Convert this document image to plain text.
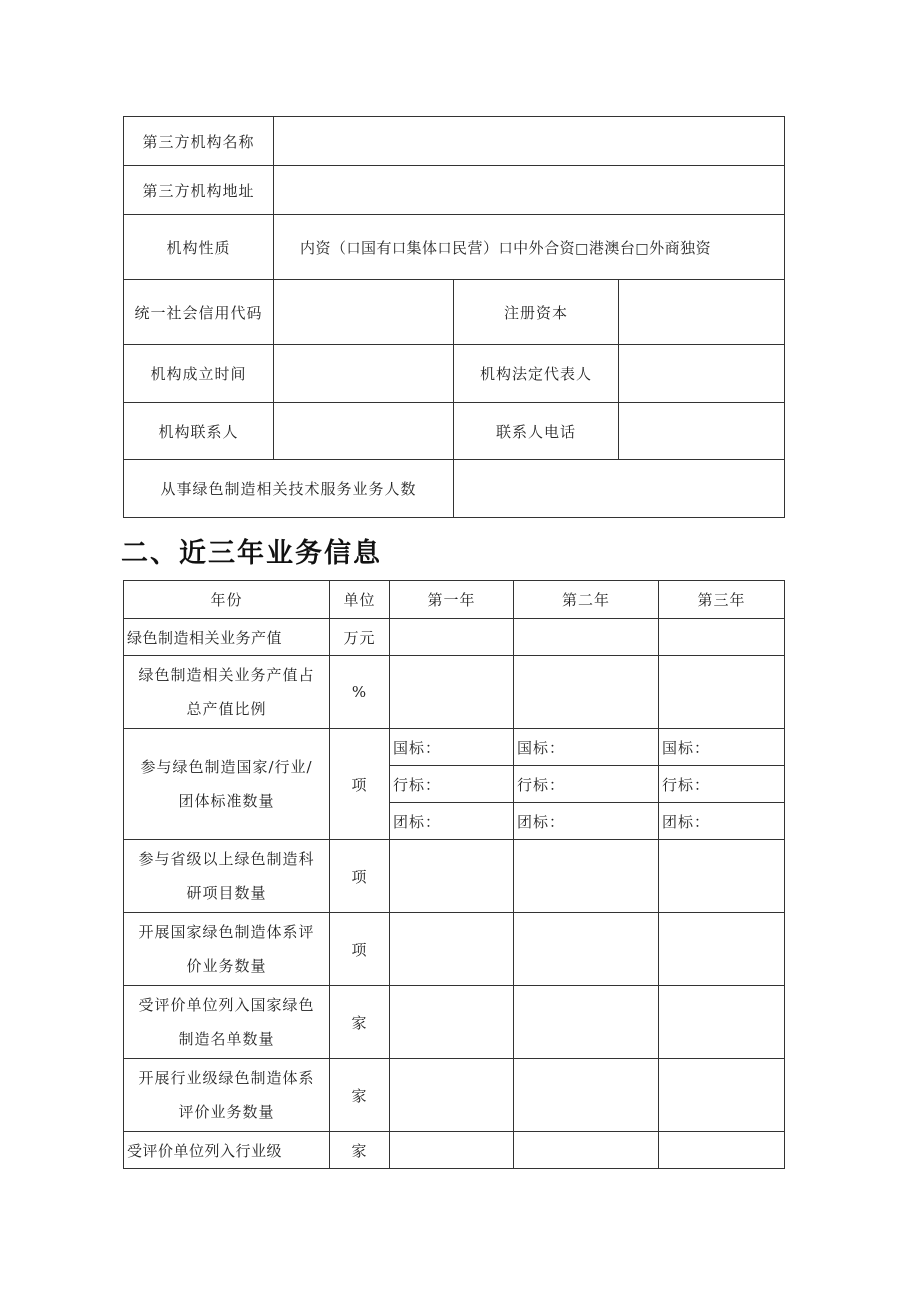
第三方机构名称			
第三方机构地址			
机构性质	内资（口国有口集体口民营）口中外合资□港澳台□外商独资		
统一社会信用代码		注册资本	
机构成立时间		机构法定代表人	
机构联系人		联系人电话	
从事绿色制造相关技术服务业务人数			
二、近三年业务信息
年份	单位	第一年	第二年	第三年
绿色制造相关业务产值	万元			
绿色制造相关业务产值占
总产值比例	%			
参与绿色制造国家/行业/
团体标准数量	项	国标：	国标：	国标：
		行标：	行标：	行标：
		团标：	团标：	团标：
参与省级以上绿色制造科
研项目数量	项			
开展国家绿色制造体系评
价业务数量	项			
受评价单位列入国家绿色
制造名单数量	家			
开展行业级绿色制造体系
评价业务数量	家			
受评价单位列入行业级	家			
